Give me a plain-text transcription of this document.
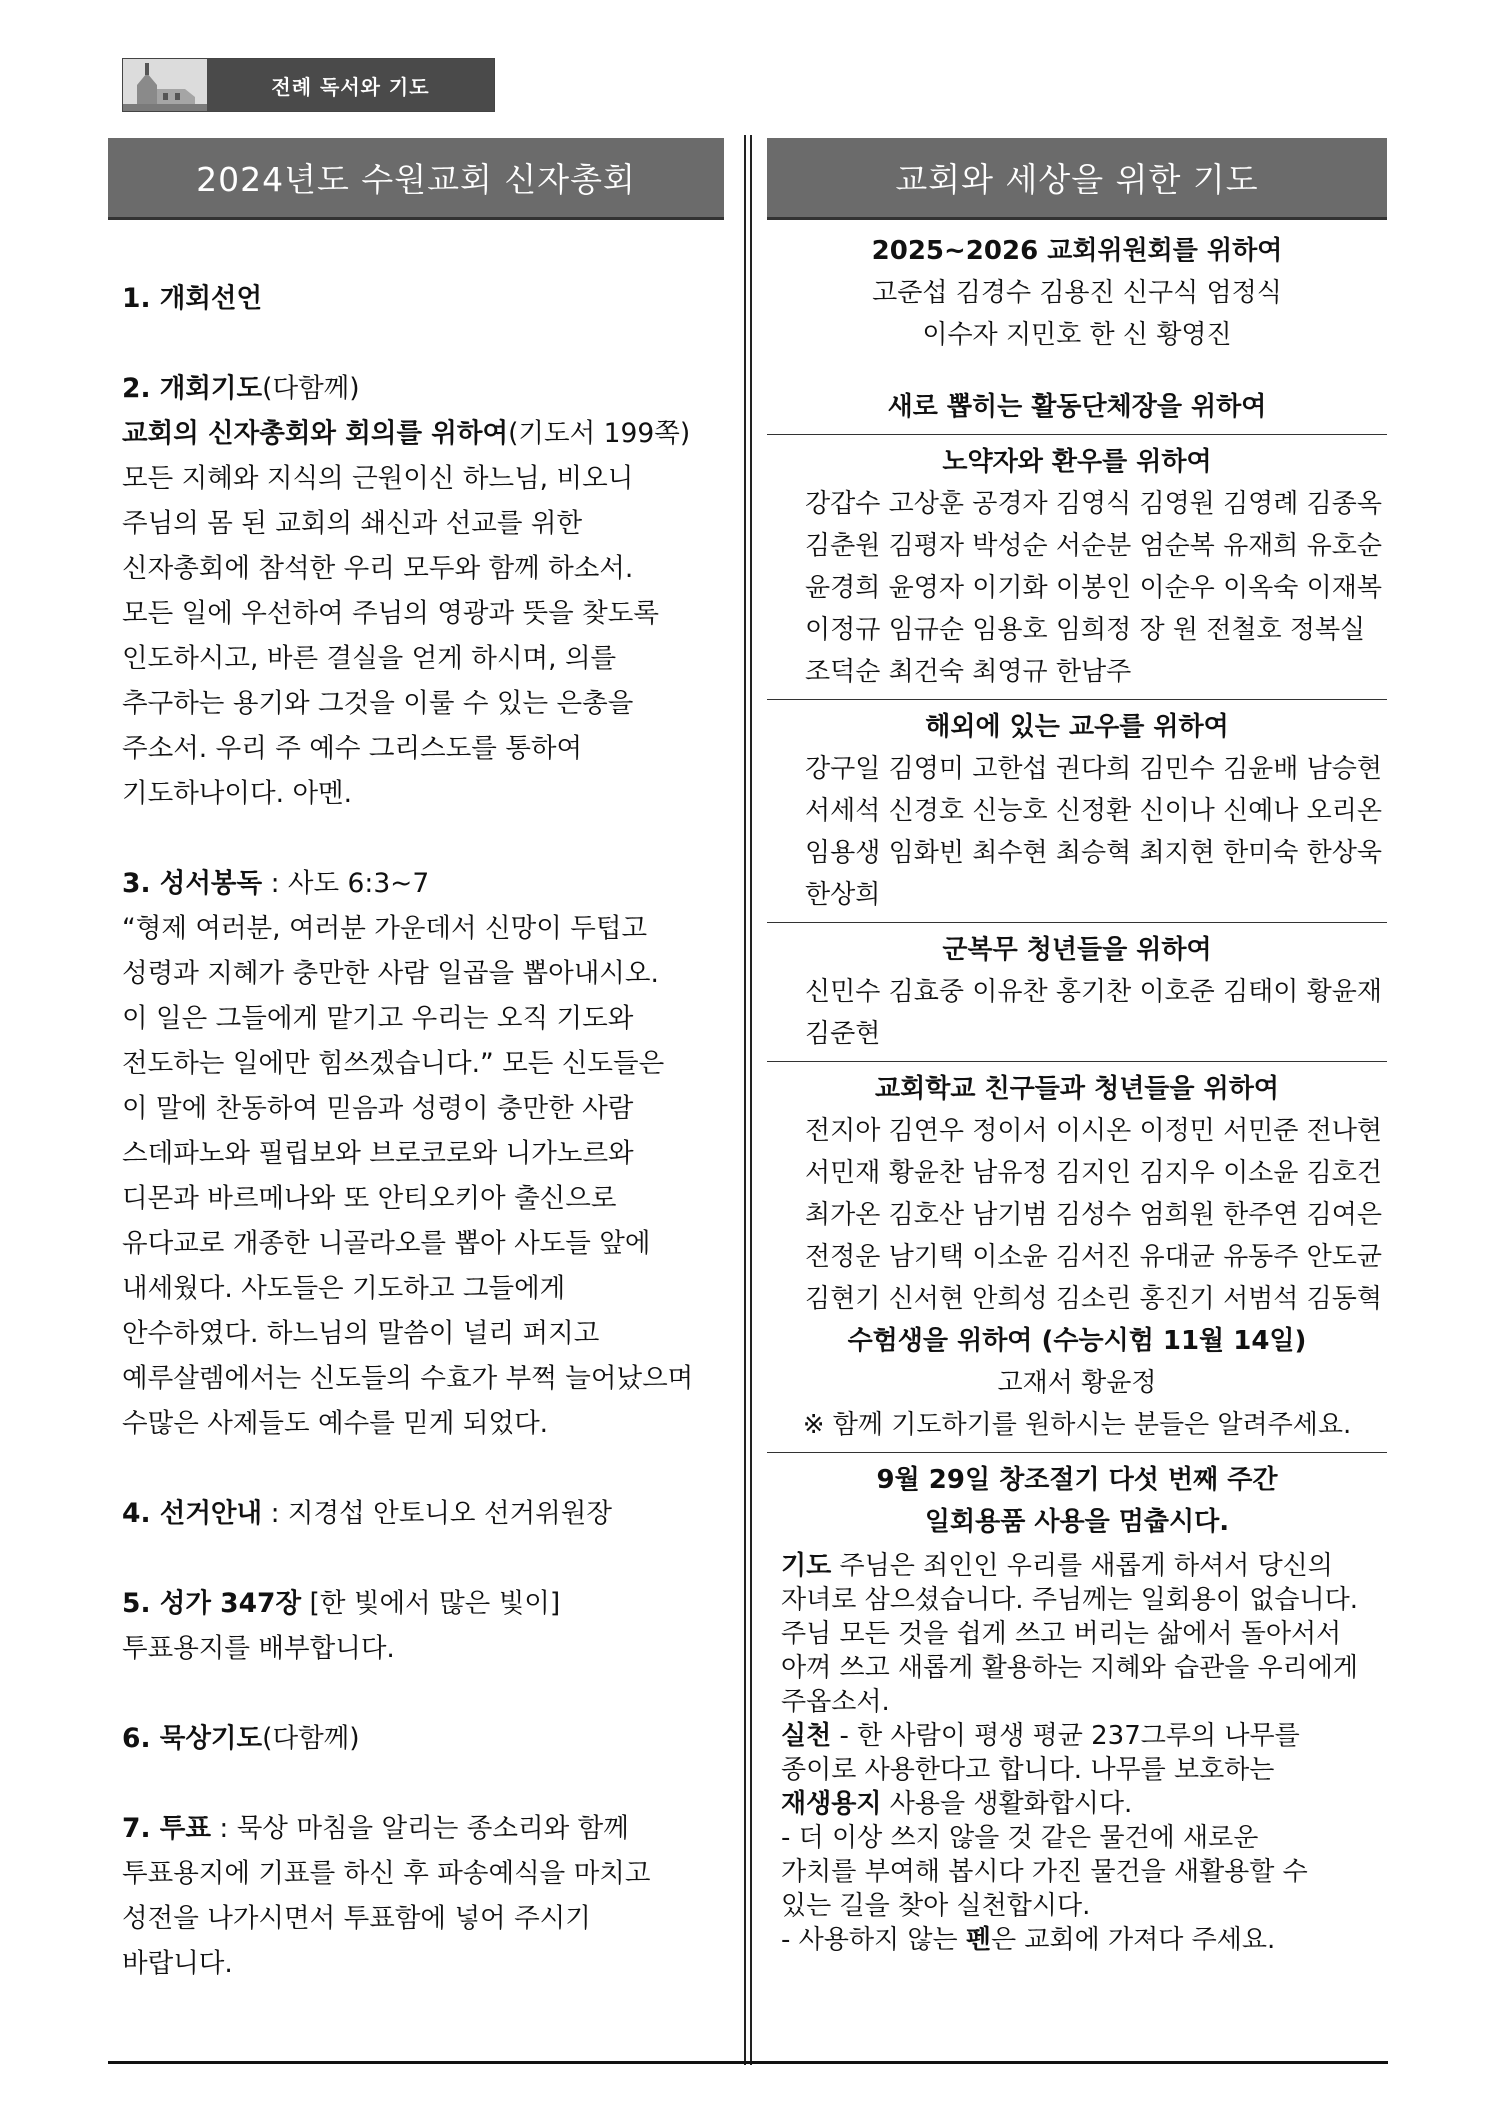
전례 독서와 기도
2024년도 수원교회 신자총회	교회와 세상을 위한 기도
1. 개회선언
2. 개회기도(다함께)
교회의 신자총회와 회의를 위하여(기도서 199쪽)
모든 지혜와 지식의 근원이신 하느님, 비오니
주님의 몸 된 교회의 쇄신과 선교를 위한
신자총회에 참석한 우리 모두와 함께 하소서.
모든 일에 우선하여 주님의 영광과 뜻을 찾도록
인도하시고, 바른 결실을 얻게 하시며, 의를
추구하는 용기와 그것을 이룰 수 있는 은총을
주소서. 우리 주 예수 그리스도를 통하여
기도하나이다. 아멘.
3. 성서봉독 : 사도 6:3~7
“형제 여러분, 여러분 가운데서 신망이 두텁고
성령과 지혜가 충만한 사람 일곱을 뽑아내시오.
이 일은 그들에게 맡기고 우리는 오직 기도와
전도하는 일에만 힘쓰겠습니다.” 모든 신도들은
이 말에 찬동하여 믿음과 성령이 충만한 사람
스데파노와 필립보와 브로코로와 니가노르와
디몬과 바르메나와 또 안티오키아 출신으로
유다교로 개종한 니골라오를 뽑아 사도들 앞에
내세웠다. 사도들은 기도하고 그들에게
안수하였다. 하느님의 말씀이 널리 퍼지고
예루살렘에서는 신도들의 수효가 부쩍 늘어났으며
수많은 사제들도 예수를 믿게 되었다.
4. 선거안내 : 지경섭 안토니오 선거위원장
5. 성가 347장 [한 빛에서 많은 빛이]
투표용지를 배부합니다.
6. 묵상기도(다함께)
7. 투표 : 묵상 마침을 알리는 종소리와 함께
투표용지에 기표를 하신 후 파송예식을 마치고
성전을 나가시면서 투표함에 넣어 주시기
바랍니다.
2025~2026 교회위원회를 위하여
고준섭 김경수 김용진 신구식 엄정식
이수자 지민호 한 신 황영진
새로 뽑히는 활동단체장을 위하여
노약자와 환우를 위하여
강갑수 고상훈 공경자 김영식 김영원 김영례 김종옥
김춘원 김평자 박성순 서순분 엄순복 유재희 유호순
윤경희 윤영자 이기화 이봉인 이순우 이옥숙 이재복
이정규 임규순 임용호 임희정 장 원 전철호 정복실
조덕순 최건숙 최영규 한남주
해외에 있는 교우를 위하여
강구일 김영미 고한섭 권다희 김민수 김윤배 남승현
서세석 신경호 신능호 신정환 신이나 신예나 오리온
임용생 임화빈 최수현 최승혁 최지현 한미숙 한상욱
한상희
군복무 청년들을 위하여
신민수 김효중 이유찬 홍기찬 이호준 김태이 황윤재
김준현
교회학교 친구들과 청년들을 위하여
전지아 김연우 정이서 이시온 이정민 서민준 전나현
서민재 황윤찬 남유정 김지인 김지우 이소윤 김호건
최가온 김호산 남기범 김성수 엄희원 한주연 김여은
전정운 남기택 이소윤 김서진 유대균 유동주 안도균
김현기 신서현 안희성 김소린 홍진기 서범석 김동혁
수험생을 위하여 (수능시험 11월 14일)
고재서 황윤정
※ 함께 기도하기를 원하시는 분들은 알려주세요.
9월 29일 창조절기 다섯 번째 주간
일회용품 사용을 멈춥시다.
기도 주님은 죄인인 우리를 새롭게 하셔서 당신의
자녀로 삼으셨습니다. 주님께는 일회용이 없습니다.
주님 모든 것을 쉽게 쓰고 버리는 삶에서 돌아서서
아껴 쓰고 새롭게 활용하는 지혜와 습관을 우리에게
주옵소서.
실천 - 한 사람이 평생 평균 237그루의 나무를
종이로 사용한다고 합니다. 나무를 보호하는
재생용지 사용을 생활화합시다.
- 더 이상 쓰지 않을 것 같은 물건에 새로운
가치를 부여해 봅시다 가진 물건을 새활용할 수
있는 길을 찾아 실천합시다.
- 사용하지 않는 펜은 교회에 가져다 주세요.
